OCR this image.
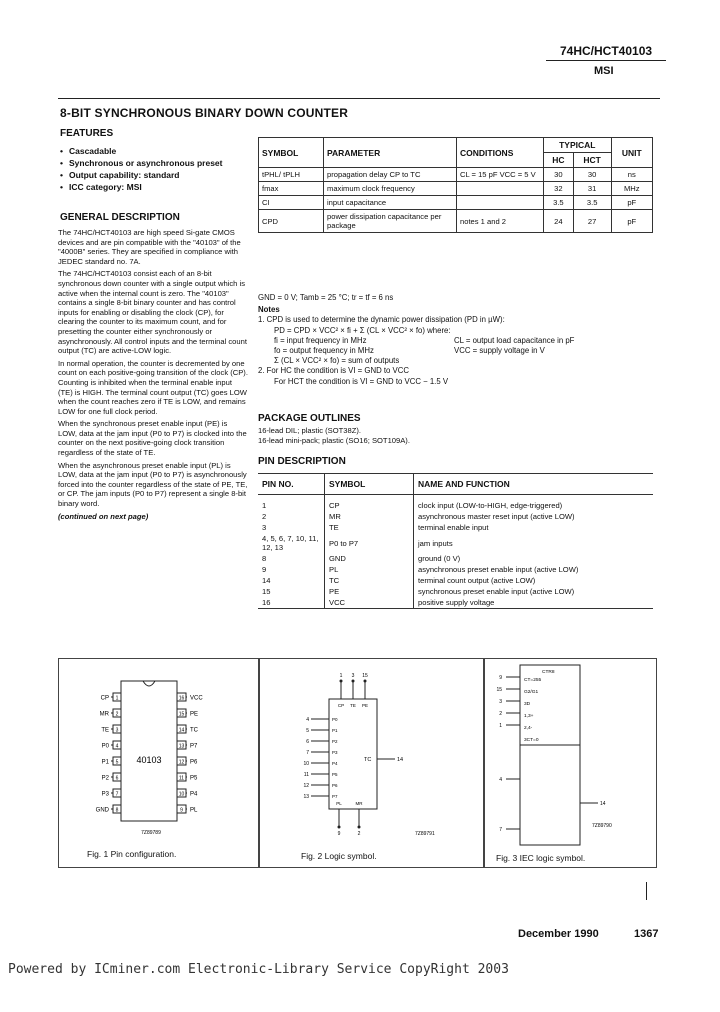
74HC/HCT40103
MSI
8-BIT SYNCHRONOUS BINARY DOWN COUNTER
FEATURES
• Cascadable
• Synchronous or asynchronous preset
• Output capability: standard
• ICC category: MSI
GENERAL DESCRIPTION

The 74HC/HCT40103 are high speed Si-gate CMOS devices and are pin compatible with the "40103" of the "4000B" series. They are specified in compliance with JEDEC standard no. 7A.

The 74HC/HCT40103 consist each of an 8-bit synchronous down counter with a single output which is active when the internal count is zero. The "40103" contains a single 8-bit binary counter and has control inputs for enabling or disabling the clock (CP), for clearing the counter to its maximum count, and for presetting the counter either synchronously or asynchronously. All control inputs and the terminal count output (TC) are active-LOW logic.

In normal operation, the counter is decremented by one count on each positive-going transition of the clock (CP). Counting is inhibited when the terminal enable input (TE) is HIGH. The terminal count output (TC) goes LOW when the count reaches zero if TE is LOW, and remains LOW for one full clock period.

When the synchronous preset enable input (PE) is LOW, data at the jam input (P0 to P7) is clocked into the counter on the next positive-going clock transition regardless of the state of TE.

When the asynchronous preset enable input (PL) is LOW, data at the jam input (P0 to P7) is asynchronously forced into the counter regardless of the state of PE, TE, or CP. The jam inputs (P0 to P7) represent a single 8-bit binary word.

(continued on next page)

SYMBOL	PARAMETER	CONDITIONS	TYPICAL		UNIT
			HC	HCT	
tPHL/ tPLH	propagation delay CP to TC	CL = 15 pF VCC = 5 V	30	30	ns
fmax	maximum clock frequency		32	31	MHz
CI	input capacitance		3.5	3.5	pF
CPD	power dissipation capacitance per package	notes 1 and 2	24	27	pF
GND = 0 V; Tamb = 25 °C; tr = tf = 6 ns
Notes
1. CPD is used to determine the dynamic power dissipation (PD in µW):
PD = CPD × VCC² × fi + Σ (CL × VCC² × fo) where:
fi = input frequency in MHz
fo = output frequency in MHz
CL = output load capacitance in pF
VCC = supply voltage in V
Σ (CL × VCC² × fo) = sum of outputs
2. For HC the condition is VI = GND to VCC
For HCT the condition is VI = GND to VCC − 1.5 V
PACKAGE OUTLINES
16-lead DIL; plastic (SOT38Z).
16-lead mini-pack; plastic (SO16; SOT109A).
PIN DESCRIPTION
PIN NO.	SYMBOL	NAME AND FUNCTION
1	CP	clock input (LOW-to-HIGH, edge-triggered)
2	MR	asynchronous master reset input (active LOW)
3	TE	terminal enable input
4, 5, 6, 7, 10, 11, 12, 13	P0 to P7	jam inputs
8	GND	ground (0 V)
9	PL	asynchronous preset enable input (active LOW)
14	TC	terminal count output (active LOW)
15	PE	synchronous preset enable input (active LOW)
16	VCC	positive supply voltage
40103
1
CP
2
MR
3
TE
4
P0
5
P1
6
P2
7
P3
8
GND
16 VCC
15 PE
14 TC
13 P7
12 P6
11 P5
10 P4
9 PL
7Z89789
Fig. 1 Pin configuration.
1
CP
3
TE
15
PE
4	P0
5	P1
6	P2
7	P3
10	P4
11	P5
12	P6
13	P7
PL
9
MR
2
TC	14
7Z89791
Fig. 2 Logic symbol.
CTR8
CT=255
G2/G1
3D
1,3+
2,4-
3CT=0
9
15
3
2
1
4
7
14
7Z89790
Fig. 3 IEC logic symbol.
December 1990	1367
Powered by ICminer.com Electronic-Library Service CopyRight 2003
